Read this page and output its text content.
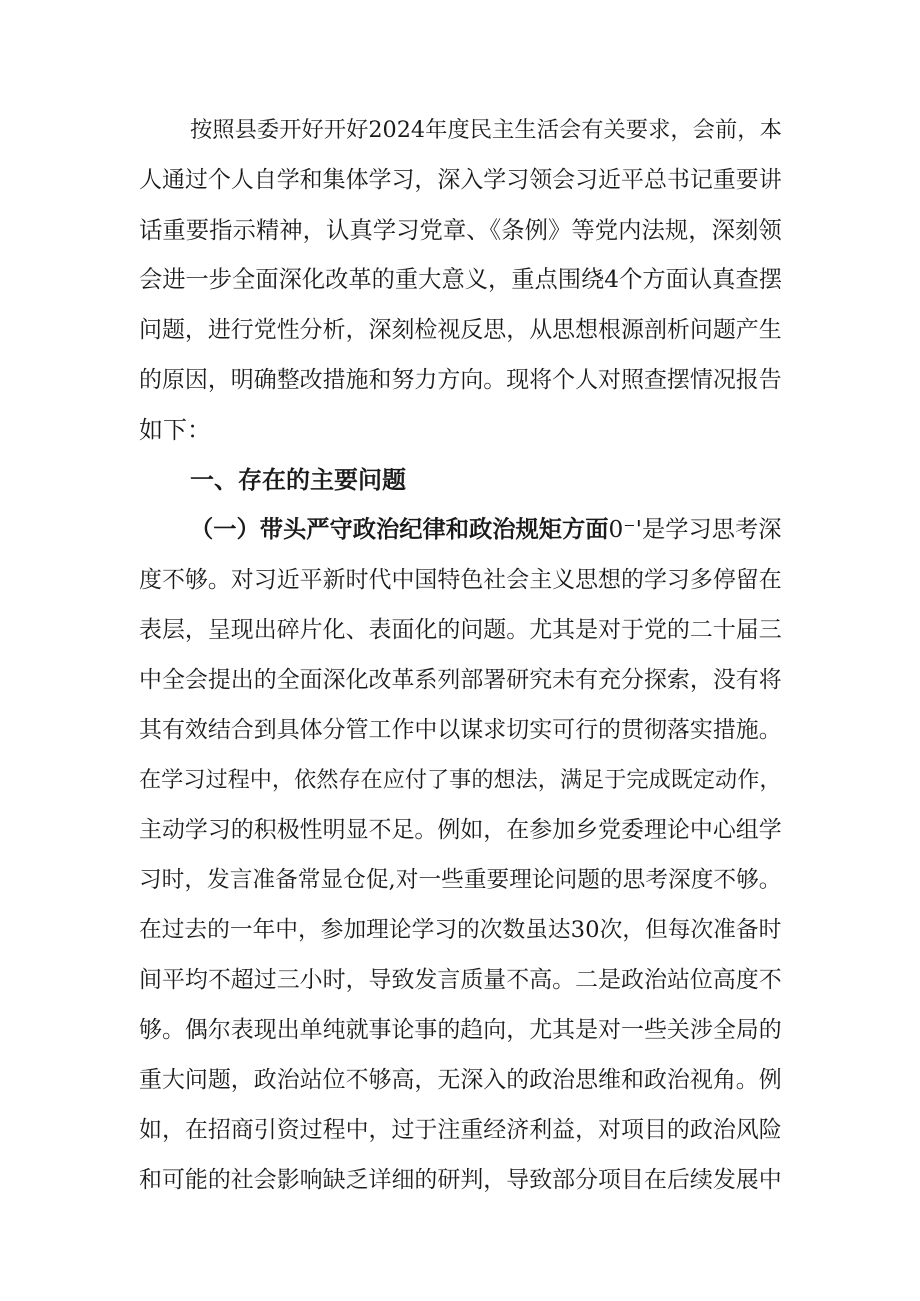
按照县委开好开好2024年度民主生活会有关要求，会前，本
人通过个人自学和集体学习，深入学习领会习近平总书记重要讲
话重要指示精神，认真学习党章、《条例》等党内法规，深刻领
会进一步全面深化改革的重大意义，重点围绕4个方面认真查摆
问题，进行党性分析，深刻检视反思，从思想根源剖析问题产生
的原因，明确整改措施和努力方向。现将个人对照查摆情况报告
如下：
一、存在的主要问题
（一）带头严守政治纪律和政治规矩方面0⁻'是学习思考深
度不够。对习近平新时代中国特色社会主义思想的学习多停留在
表层，呈现出碎片化、表面化的问题。尤其是对于党的二十届三
中全会提出的全面深化改革系列部署研究未有充分探索，没有将
其有效结合到具体分管工作中以谋求切实可行的贯彻落实措施。
在学习过程中，依然存在应付了事的想法，满足于完成既定动作，
主动学习的积极性明显不足。例如，在参加乡党委理论中心组学
习时，发言准备常显仓促,对一些重要理论问题的思考深度不够。
在过去的一年中，参加理论学习的次数虽达30次，但每次准备时
间平均不超过三小时，导致发言质量不高。二是政治站位高度不
够。偶尔表现出单纯就事论事的趋向，尤其是对一些关涉全局的
重大问题，政治站位不够高，无深入的政治思维和政治视角。例
如，在招商引资过程中，过于注重经济利益，对项目的政治风险
和可能的社会影响缺乏详细的研判，导致部分项目在后续发展中
